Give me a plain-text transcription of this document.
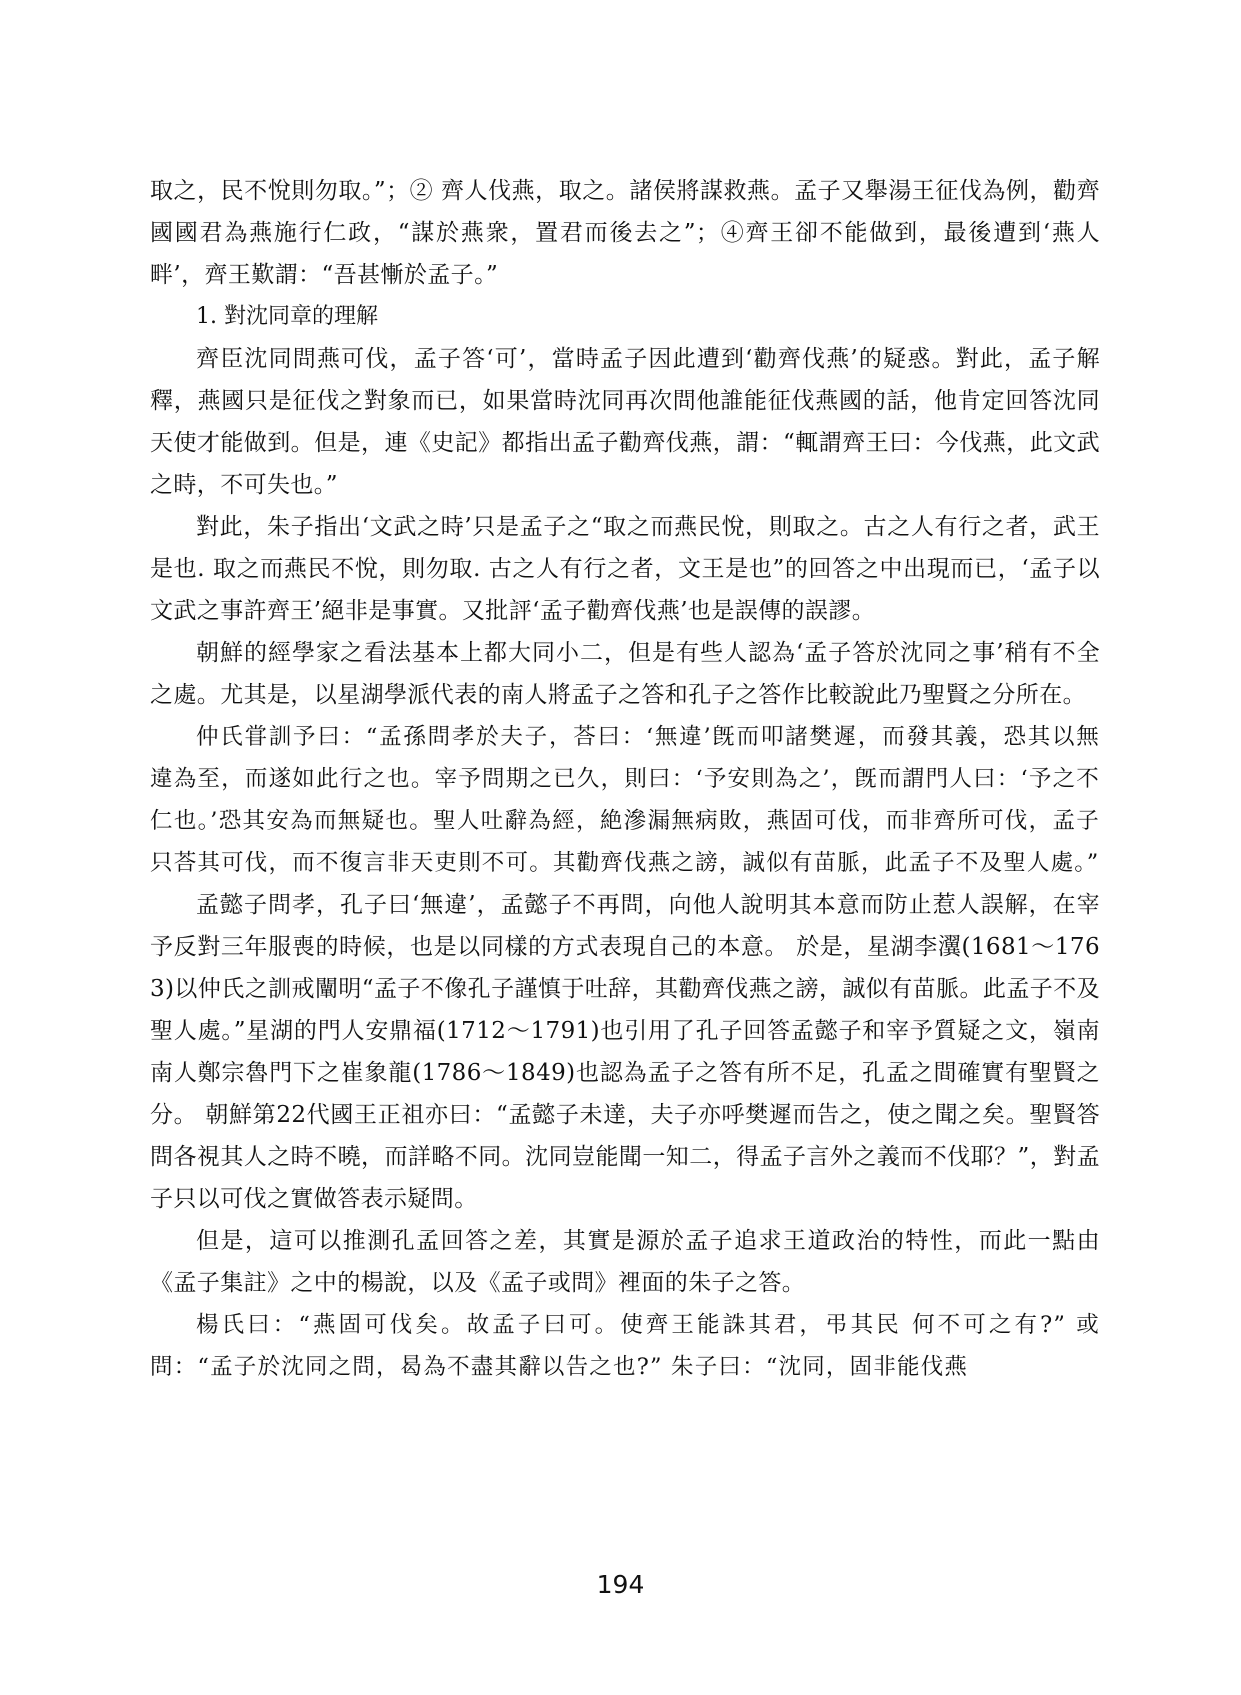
取之，民不悅則勿取。”；② 齊人伐燕，取之。諸侯將謀救燕。孟子又舉湯王征伐為例，勸齊國國君為燕施行仁政，“謀於燕衆，置君而後去之”；④齊王卻不能做到，最後遭到‘燕人畔’，齊王歎謂：“吾甚慚於孟子。”

1. 對沈同章的理解

齊臣沈同問燕可伐，孟子答‘可’，當時孟子因此遭到‘勸齊伐燕’的疑惑。對此，孟子解釋，燕國只是征伐之對象而已，如果當時沈同再次問他誰能征伐燕國的話，他肯定回答沈同天使才能做到。但是，連《史記》都指出孟子勸齊伐燕，謂：“輒謂齊王曰：今伐燕，此文武之時，不可失也。”

對此，朱子指出‘文武之時’只是孟子之“取之而燕民悅，則取之。古之人有行之者，武王是也. 取之而燕民不悅，則勿取. 古之人有行之者，文王是也”的回答之中出現而已，‘孟子以文武之事許齊王’絕非是事實。又批評‘孟子勸齊伐燕’也是誤傳的誤謬。

朝鮮的經學家之看法基本上都大同小二，但是有些人認為‘孟子答於沈同之事’稍有不全之處。尤其是，以星湖學派代表的南人將孟子之答和孔子之答作比較說此乃聖賢之分所在。

仲氏甞訓予曰：“孟孫問孝於夫子，荅曰：‘無違’旣而叩諸樊遲，而發其義，恐其以無違為至，而遂如此行之也。宰予問期之已久，則曰：‘予安則為之’，旣而謂門人曰：‘予之不仁也。’恐其安為而無疑也。聖人吐辭為經，絶滲漏無病敗，燕固可伐，而非齊所可伐，孟子只荅其可伐，而不復言非天吏則不可。其勸齊伐燕之謗，誠似有苗脈，此孟子不及聖人處。”

孟懿子問孝，孔子曰‘無違’，孟懿子不再問，向他人說明其本意而防止惹人誤解，在宰予反對三年服喪的時候，也是以同樣的方式表現自己的本意。 於是，星湖李瀷(1681～1763)以仲氏之訓戒闡明“孟子不像孔子謹慎于吐辞，其勸齊伐燕之謗，誠似有苗脈。此孟子不及聖人處。”星湖的門人安鼎福(1712～1791)也引用了孔子回答孟懿子和宰予質疑之文，嶺南南人鄭宗魯門下之崔象龍(1786～1849)也認為孟子之答有所不足，孔孟之間確實有聖賢之分。 朝鮮第22代國王正祖亦曰：“孟懿子未達，夫子亦呼樊遲而告之，使之聞之矣。聖賢答問各視其人之時不曉，而詳略不同。沈同豈能聞一知二，得孟子言外之義而不伐耶？”，對孟子只以可伐之實做答表示疑問。

但是，這可以推測孔孟回答之差，其實是源於孟子追求王道政治的特性，而此一點由《孟子集註》之中的楊說，以及《孟子或問》裡面的朱子之答。

楊氏曰：“燕固可伐矣。故孟子曰可。使齊王能誅其君，弔其民 何不可之有?” 或問：“孟子於沈同之問，曷為不盡其辭以告之也?” 朱子曰：“沈同，固非能伐燕

194
